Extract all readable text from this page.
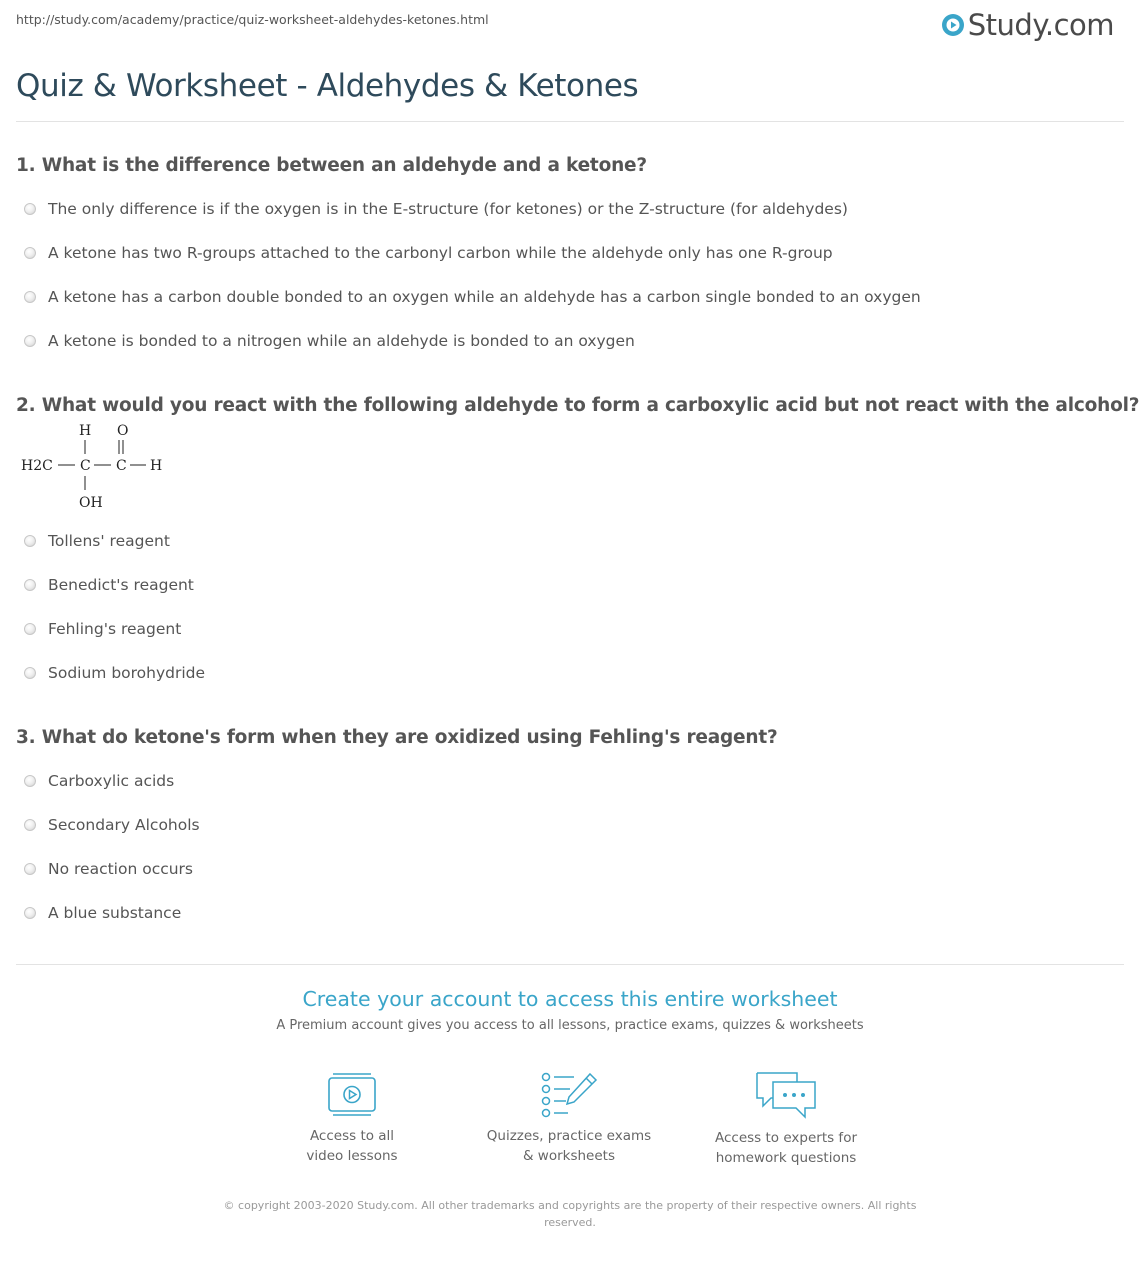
http://study.com/academy/practice/quiz-worksheet-aldehydes-ketones.html	Study.com
Quiz & Worksheet - Aldehydes & Ketones
1. What is the difference between an aldehyde and a ketone?
The only difference is if the oxygen is in the E-structure (for ketones) or the Z-structure (for aldehydes)
A ketone has two R-groups attached to the carbonyl carbon while the aldehyde only has one R-group
A ketone has a carbon double bonded to an oxygen while an aldehyde has a carbon single bonded to an oxygen
A ketone is bonded to a nitrogen while an aldehyde is bonded to an oxygen
2. What would you react with the following aldehyde to form a carboxylic acid but not react with the alcohol?
H O
H2C C C H
OH
Tollens' reagent
Benedict's reagent
Fehling's reagent
Sodium borohydride
3. What do ketone's form when they are oxidized using Fehling's reagent?
Carboxylic acids
Secondary Alcohols
No reaction occurs
A blue substance
Create your account to access this entire worksheet
A Premium account gives you access to all lessons, practice exams, quizzes & worksheets
Access to all
video lessons
Quizzes, practice exams
& worksheets
Access to experts for
homework questions
© copyright 2003-2020 Study.com. All other trademarks and copyrights are the property of their respective owners. All rights reserved.
